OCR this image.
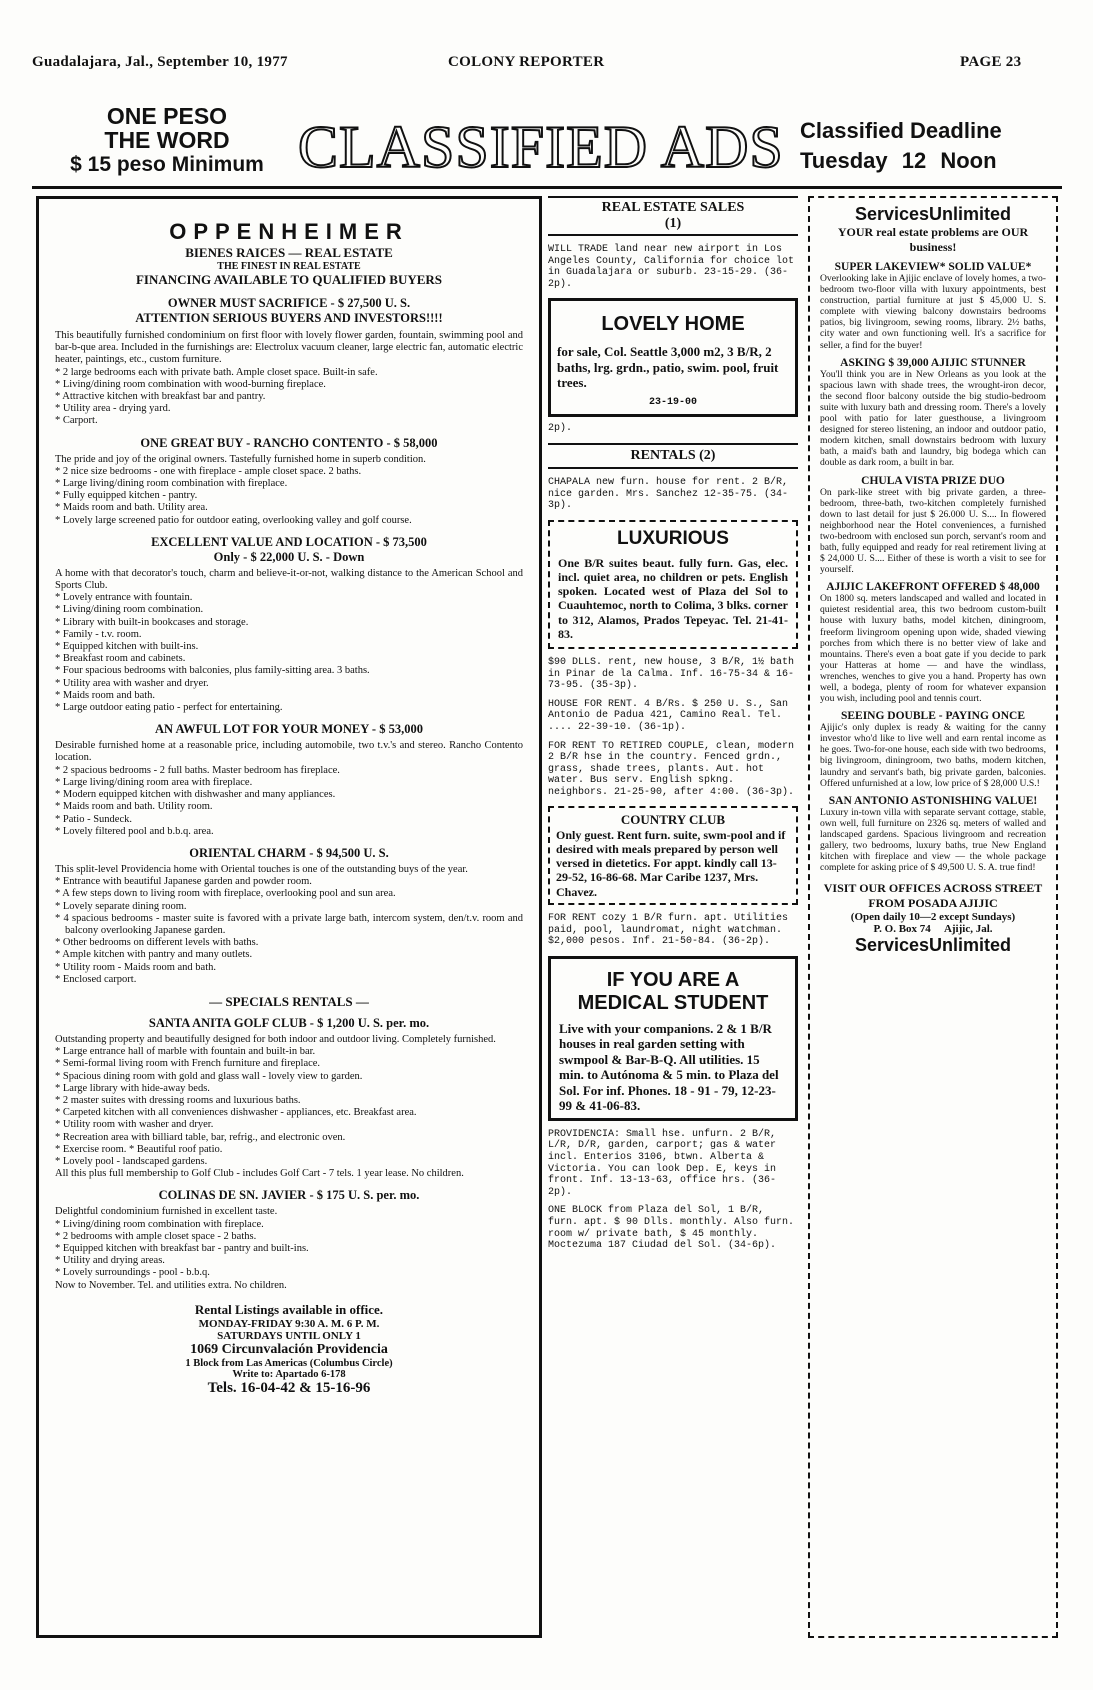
Guadalajara, Jal., September 10, 1977	COLONY REPORTER	PAGE 23
ONE PESO
THE WORD
$ 15 peso Minimum CLASSIFIED ADS Classified Deadline
Tuesday 12 Noon
OPPENHEIMER
BIENES RAICES — REAL ESTATE
THE FINEST IN REAL ESTATE
FINANCING AVAILABLE TO QUALIFIED BUYERS
OWNER MUST SACRIFICE - $ 27,500 U. S.
ATTENTION SERIOUS BUYERS AND INVESTORS!!!!

This beautifully furnished condominium on first floor with lovely flower garden, fountain, swimming pool and bar-b-que area. Included in the furnishings are: Electrolux vacuum cleaner, large electric fan, automatic electric heater, paintings, etc., custom furniture.

* 2 large bedrooms each with private bath. Ample closet space. Built-in safe.
* Living/dining room combination with wood-burning fireplace.
* Attractive kitchen with breakfast bar and pantry.
* Utility area - drying yard.
* Carport.
ONE GREAT BUY - RANCHO CONTENTO - $ 58,000

The pride and joy of the original owners. Tastefully furnished home in superb condition.

* 2 nice size bedrooms - one with fireplace - ample closet space. 2 baths.
* Large living/dining room combination with fireplace.
* Fully equipped kitchen - pantry.
* Maids room and bath. Utility area.
* Lovely large screened patio for outdoor eating, overlooking valley and golf course.
EXCELLENT VALUE AND LOCATION - $ 73,500
Only - $ 22,000 U. S. - Down

A home with that decorator's touch, charm and believe-it-or-not, walking distance to the American School and Sports Club.

* Lovely entrance with fountain.
* Living/dining room combination.
* Library with built-in bookcases and storage.
* Family - t.v. room.
* Equipped kitchen with built-ins.
* Breakfast room and cabinets.
* Four spacious bedrooms with balconies, plus family-sitting area. 3 baths.
* Utility area with washer and dryer.
* Maids room and bath.
* Large outdoor eating patio - perfect for entertaining.
AN AWFUL LOT FOR YOUR MONEY - $ 53,000

Desirable furnished home at a reasonable price, including automobile, two t.v.'s and stereo. Rancho Contento location.

* 2 spacious bedrooms - 2 full baths. Master bedroom has fireplace.
* Large living/dining room area with fireplace.
* Modern equipped kitchen with dishwasher and many appliances.
* Maids room and bath. Utility room.
* Patio - Sundeck.
* Lovely filtered pool and b.b.q. area.
ORIENTAL CHARM - $ 94,500 U. S.

This split-level Providencia home with Oriental touches is one of the outstanding buys of the year.

* Entrance with beautiful Japanese garden and powder room.
* A few steps down to living room with fireplace, overlooking pool and sun area.
* Lovely separate dining room.
* 4 spacious bedrooms - master suite is favored with a private large bath, intercom system, den/t.v. room and balcony overlooking Japanese garden.
* Other bedrooms on different levels with baths.
* Ample kitchen with pantry and many outlets.
* Utility room - Maids room and bath.
* Enclosed carport.
— SPECIALS RENTALS —
SANTA ANITA GOLF CLUB - $ 1,200 U. S. per. mo.

Outstanding property and beautifully designed for both indoor and outdoor living. Completely furnished.

* Large entrance hall of marble with fountain and built-in bar.
* Semi-formal living room with French furniture and fireplace.
* Spacious dining room with gold and glass wall - lovely view to garden.
* Large library with hide-away beds.
* 2 master suites with dressing rooms and luxurious baths.
* Carpeted kitchen with all conveniences dishwasher - appliances, etc. Breakfast area.
* Utility room with washer and dryer.
* Recreation area with billiard table, bar, refrig., and electronic oven.
* Exercise room. * Beautiful roof patio.
* Lovely pool - landscaped gardens.

All this plus full membership to Golf Club - includes Golf Cart - 7 tels. 1 year lease. No children.

COLINAS DE SN. JAVIER - $ 175 U. S. per. mo.

Delightful condominium furnished in excellent taste.

* Living/dining room combination with fireplace.
* 2 bedrooms with ample closet space - 2 baths.
* Equipped kitchen with breakfast bar - pantry and built-ins.
* Utility and drying areas.
* Lovely surroundings - pool - b.b.q.

Now to November. Tel. and utilities extra. No children.

Rental Listings available in office.
MONDAY-FRIDAY 9:30 A. M. 6 P. M.
SATURDAYS UNTIL ONLY 1
1069 Circunvalación Providencia
1 Block from Las Americas (Columbus Circle)
Write to: Apartado 6-178
Tels. 16-04-42 & 15-16-96
REAL ESTATE SALES
(1)

WILL TRADE land near new airport in Los Angeles County, California for choice lot in Guadalajara or suburb. 23-15-29. (36-2p).

LOVELY HOME

for sale, Col. Seattle 3,000 m2, 3 B/R, 2 baths, lrg. grdn., patio, swim. pool, fruit trees.

23-19-00
2p).
RENTALS (2)

CHAPALA new furn. house for rent. 2 B/R, nice garden. Mrs. Sanchez 12-35-75. (34-3p).

LUXURIOUS

One B/R suites beaut. fully furn. Gas, elec. incl. quiet area, no children or pets. English spoken. Located west of Plaza del Sol to Cuauhtemoc, north to Colima, 3 blks. corner to 312, Alamos, Prados Tepeyac. Tel. 21-41-83.

$90 DLLS. rent, new house, 3 B/R, 1½ bath in Pinar de la Calma. Inf. 16-75-34 & 16-73-95. (35-3p).

HOUSE FOR RENT. 4 B/Rs. $ 250 U. S., San Antonio de Padua 421, Camino Real. Tel. .... 22-39-10. (36-1p).

FOR RENT TO RETIRED COUPLE, clean, modern 2 B/R hse in the country. Fenced grdn., grass, shade trees, plants. Aut. hot water. Bus serv. English spkng. neighbors. 21-25-90, after 4:00. (36-3p).

COUNTRY CLUB

Only guest. Rent furn. suite, swm-pool and if desired with meals prepared by person well versed in dietetics. For appt. kindly call 13-29-52, 16-86-68. Mar Caribe 1237, Mrs. Chavez.

FOR RENT cozy 1 B/R furn. apt. Utilities paid, pool, laundromat, night watchman. $2,000 pesos. Inf. 21-50-84. (36-2p).

IF YOU ARE A MEDICAL STUDENT

Live with your companions. 2 & 1 B/R houses in real garden setting with swmpool & Bar-B-Q. All utilities. 15 min. to Autónoma & 5 min. to Plaza del Sol. For inf. Phones. 18 - 91 - 79, 12-23-99 & 41-06-83.

PROVIDENCIA: Small hse. unfurn. 2 B/R, L/R, D/R, garden, carport; gas & water incl. Enterios 3106, btwn. Alberta & Victoria. You can look Dep. E, keys in front. Inf. 13-13-63, office hrs. (36-2p).

ONE BLOCK from Plaza del Sol, 1 B/R, furn. apt. $ 90 Dlls. monthly. Also furn. room w/ private bath, $ 45 monthly. Moctezuma 187 Ciudad del Sol. (34-6p).

ServicesUnlimited
YOUR real estate problems are OUR business!
SUPER LAKEVIEW* SOLID VALUE*

Overlooking lake in Ajijic enclave of lovely homes, a two-bedroom two-floor villa with luxury appointments, best construction, partial furniture at just $ 45,000 U. S. complete with viewing balcony downstairs bedrooms patios, big livingroom, sewing rooms, library. 2½ baths, city water and own functioning well. It's a sacrifice for seller, a find for the buyer!

ASKING $ 39,000 AJIJIC STUNNER

You'll think you are in New Orleans as you look at the spacious lawn with shade trees, the wrought-iron decor, the second floor balcony outside the big studio-bedroom suite with luxury bath and dressing room. There's a lovely pool with patio for later guesthouse, a livingroom designed for stereo listening, an indoor and outdoor patio, modern kitchen, small downstairs bedroom with luxury bath, a maid's bath and laundry, big bodega which can double as dark room, a built in bar.

CHULA VISTA PRIZE DUO

On park-like street with big private garden, a three-bedroom, three-bath, two-kitchen completely furnished down to last detail for just $ 26.000 U. S.... In flowered neighborhood near the Hotel conveniences, a furnished two-bedroom with enclosed sun porch, servant's room and bath, fully equipped and ready for real retirement living at $ 24,000 U. S.... Either of these is worth a visit to see for yourself.

AJIJIC LAKEFRONT OFFERED $ 48,000

On 1800 sq. meters landscaped and walled and located in quietest residential area, this two bedroom custom-built house with luxury baths, model kitchen, diningroom, freeform livingroom opening upon wide, shaded viewing porches from which there is no better view of lake and mountains. There's even a boat gate if you decide to park your Hatteras at home — and have the windlass, wrenches, wenches to give you a hand. Property has own well, a bodega, plenty of room for whatever expansion you wish, including pool and tennis court.

SEEING DOUBLE - PAYING ONCE

Ajijic's only duplex is ready & waiting for the canny investor who'd like to live well and earn rental income as he goes. Two-for-one house, each side with two bedrooms, big livingroom, diningroom, two baths, modern kitchen, laundry and servant's bath, big private garden, balconies. Offered unfurnished at a low, low price of $ 28,000 U.S.!

SAN ANTONIO ASTONISHING VALUE!

Luxury in-town villa with separate servant cottage, stable, own well, full furniture on 2326 sq. meters of walled and landscaped gardens. Spacious livingroom and recreation gallery, two bedrooms, luxury baths, true New England kitchen with fireplace and view — the whole package complete for asking price of $ 49,500 U. S. A. true find!

VISIT OUR OFFICES ACROSS STREET FROM POSADA AJIJIC
(Open daily 10—2 except Sundays)
P. O. Box 74     Ajijic, Jal.
ServicesUnlimited
